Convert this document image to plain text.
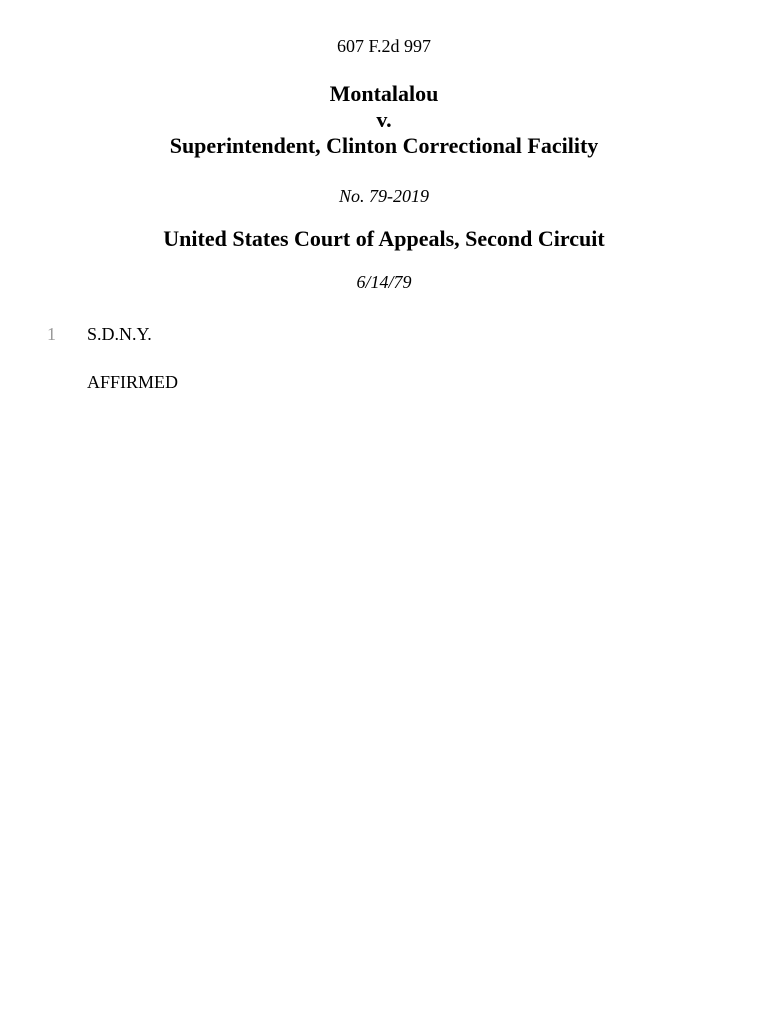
607 F.2d 997
Montalalou
v.
Superintendent, Clinton Correctional Facility
No. 79-2019
United States Court of Appeals, Second Circuit
6/14/79
1 S.D.N.Y.

AFFIRMED
